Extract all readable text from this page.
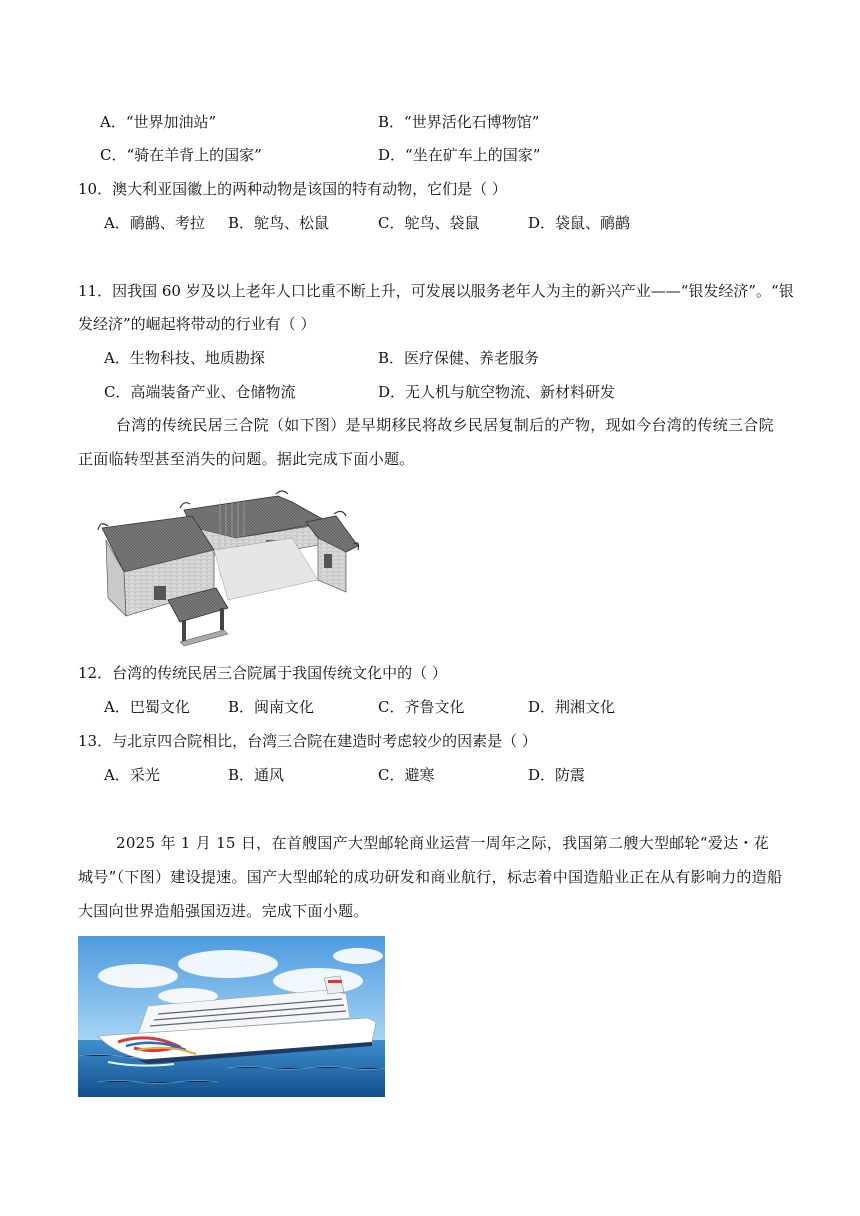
A．“世界加油站”	B．“世界活化石博物馆”
C．“骑在羊背上的国家”	D．“坐在矿车上的国家”
10．澳大利亚国徽上的两种动物是该国的特有动物，它们是（ ）
A．鸸鹋、考拉 B．鸵鸟、松鼠	C．鸵鸟、袋鼠	D．袋鼠、鸸鹋
11．因我国 60 岁及以上老年人口比重不断上升，可发展以服务老年人为主的新兴产业——“银发经济”。“银
发经济”的崛起将带动的行业有（ ）
A．生物科技、地质勘探	B．医疗保健、养老服务
C．高端装备产业、仓储物流	D．无人机与航空物流、新材料研发
台湾的传统民居三合院（如下图）是早期移民将故乡民居复制后的产物，现如今台湾的传统三合院正面临转型甚至消失的问题。据此完成下面小题。
12．台湾的传统民居三合院属于我国传统文化中的（ ）
A．巴蜀文化	B．闽南文化	C．齐鲁文化	D．荆湘文化
13．与北京四合院相比，台湾三合院在建造时考虑较少的因素是（ ）
A．采光	B．通风	C．避寒	D．防震
2025 年 1 月 15 日，在首艘国产大型邮轮商业运营一周年之际，我国第二艘大型邮轮“爱达・花城号”（下图）建设提速。国产大型邮轮的成功研发和商业航行，标志着中国造船业正在从有影响力的造船大国向世界造船强国迈进。完成下面小题。
